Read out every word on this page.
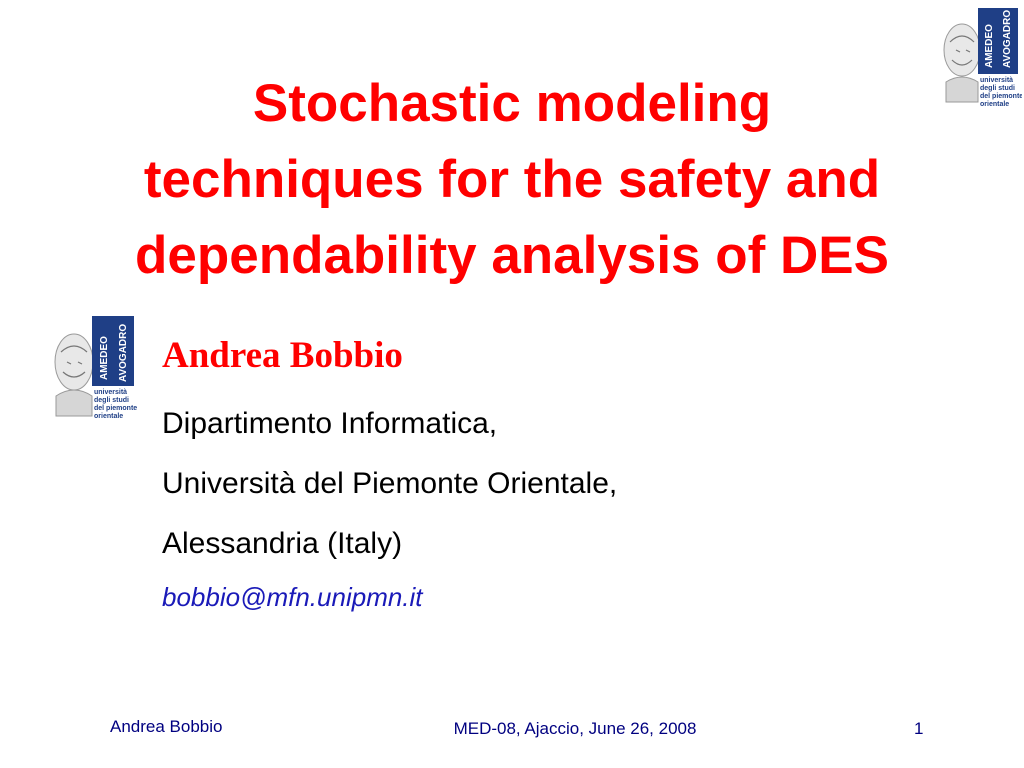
AMEDEO AVOGADRO
università
degli studi
del piemonte
orientale
Stochastic modeling
techniques for the safety and
dependability analysis of DES
AMEDEO AVOGADRO
università
degli studi
del piemonte
orientale
Andrea Bobbio
Dipartimento Informatica,
Università del Piemonte Orientale,
Alessandria (Italy)
bobbio@mfn.unipmn.it
Andrea Bobbio	MED-08, Ajaccio, June 26, 2008	1
